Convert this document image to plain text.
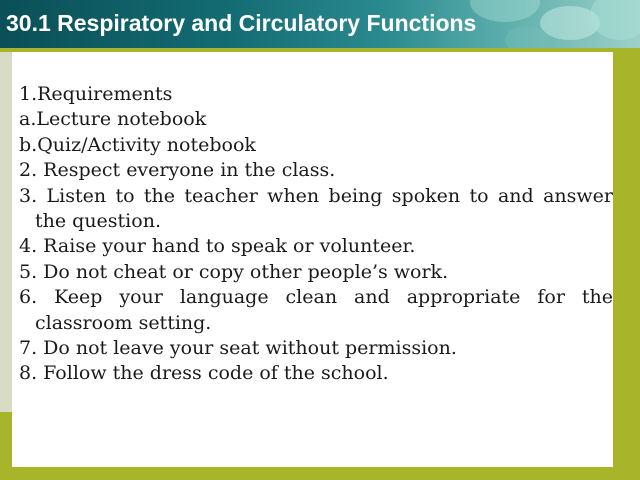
30.1 Respiratory and Circulatory Functions
1.Requirements
a.Lecture notebook
b.Quiz/Activity notebook
2. Respect everyone in the class.
3. Listen to the teacher when being spoken to and answer the question.
4. Raise your hand to speak or volunteer.
5. Do not cheat or copy other people’s work.
6. Keep your language clean and appropriate for the classroom setting.
7. Do not leave your seat without permission.
8. Follow the dress code of the school.
